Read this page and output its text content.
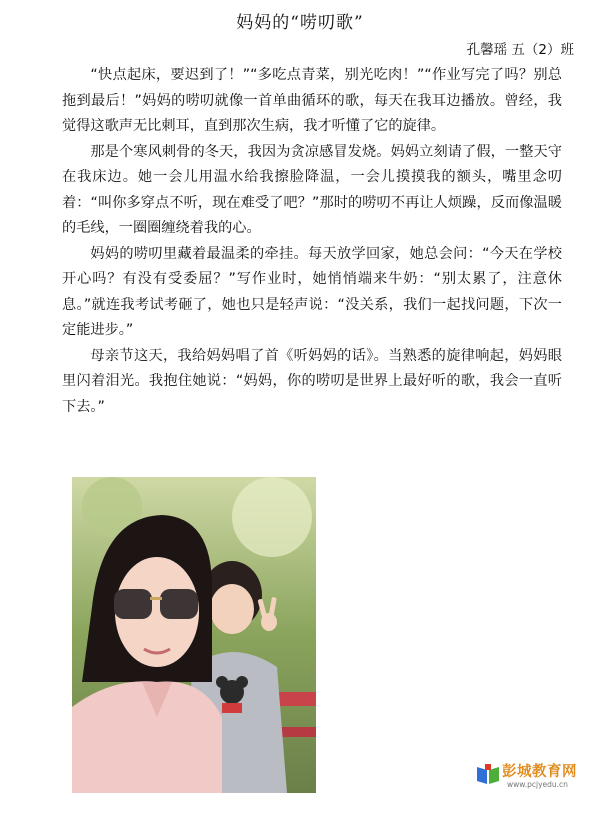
妈妈的“唠叨歌”
孔馨瑶 五（2）班

“快点起床，要迟到了！”“多吃点青菜，别光吃肉！”“作业写完了吗？别总拖到最后！”妈妈的唠叨就像一首单曲循环的歌，每天在我耳边播放。曾经，我觉得这歌声无比刺耳，直到那次生病，我才听懂了它的旋律。

那是个寒风刺骨的冬天，我因为贪凉感冒发烧。妈妈立刻请了假，一整天守在我床边。她一会儿用温水给我擦脸降温，一会儿摸摸我的额头，嘴里念叨着：“叫你多穿点不听，现在难受了吧？”那时的唠叨不再让人烦躁，反而像温暖的毛线，一圈圈缠绕着我的心。

妈妈的唠叨里藏着最温柔的牵挂。每天放学回家，她总会问：“今天在学校开心吗？有没有受委屈？”写作业时，她悄悄端来牛奶：“别太累了，注意休息。”就连我考试考砸了，她也只是轻声说：“没关系，我们一起找问题，下次一定能进步。”

母亲节这天，我给妈妈唱了首《听妈妈的话》。当熟悉的旋律响起，妈妈眼里闪着泪光。我抱住她说：“妈妈，你的唠叨是世界上最好听的歌，我会一直听下去。”

彭城教育网
www.pcjyedu.cn
